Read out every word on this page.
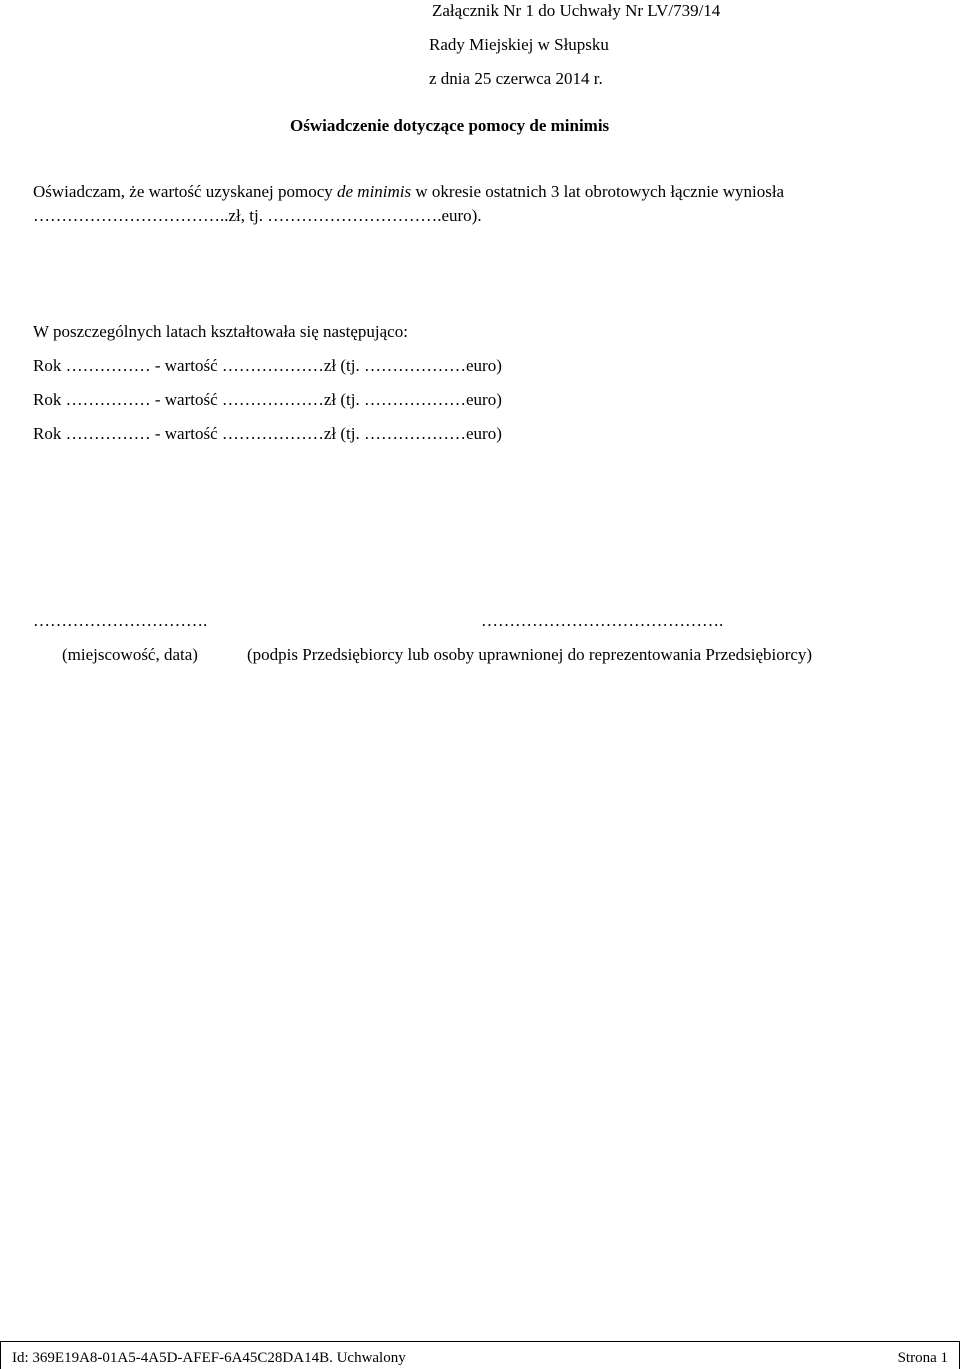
Załącznik Nr 1 do Uchwały Nr LV/739/14
Rady Miejskiej w Słupsku
z dnia 25 czerwca 2014 r.
Oświadczenie dotyczące pomocy de minimis
Oświadczam, że wartość uzyskanej pomocy de minimis w okresie ostatnich 3 lat obrotowych łącznie wyniosła
……………………………..zł, tj. ………………………….euro).
W poszczególnych latach kształtowała się następująco:
Rok …………… - wartość ………………zł (tj. ………………euro)
Rok …………… - wartość ………………zł (tj. ………………euro)
Rok …………… - wartość ………………zł (tj. ………………euro)
………………………….	…………………………………….
(miejscowość, data)	(podpis Przedsiębiorcy lub osoby uprawnionej do reprezentowania Przedsiębiorcy)
Id: 369E19A8-01A5-4A5D-AFEF-6A45C28DA14B. Uchwalony	Strona 1
